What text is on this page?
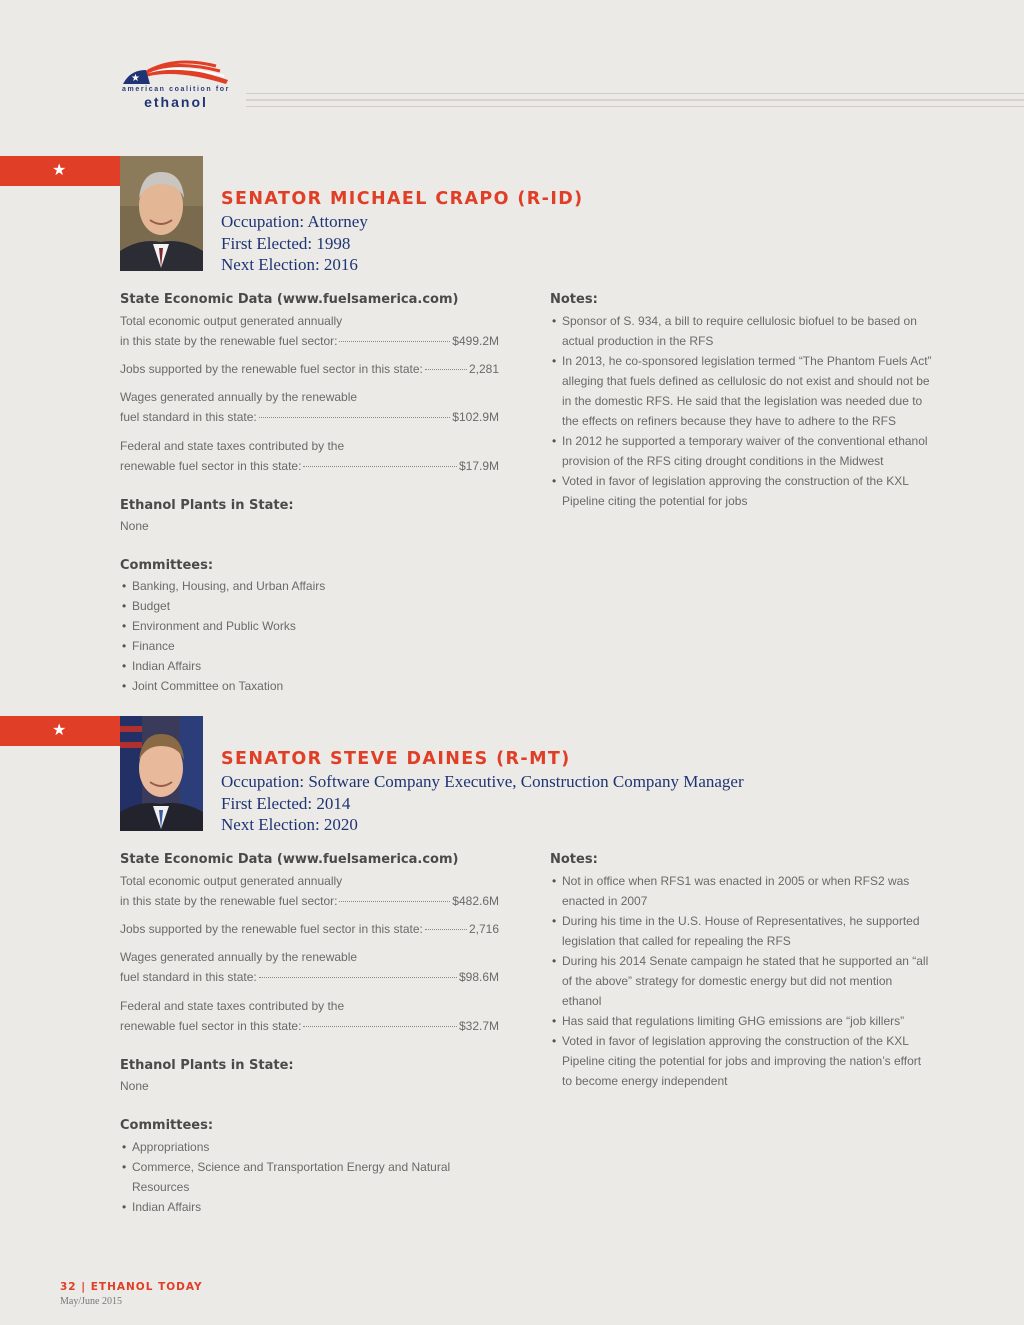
★
american coalition for
ethanol
★
SENATOR MICHAEL CRAPO (R-ID)
Occupation: Attorney
First Elected: 1998
Next Election: 2016
State Economic Data (www.fuelsamerica.com)
Total economic output generated annually
in this state by the renewable fuel sector:	$499.2M
Jobs supported by the renewable fuel sector in this state:	2,281
Wages generated annually by the renewable
fuel standard in this state:	$102.9M
Federal and state taxes contributed by the
renewable fuel sector in this state:	$17.9M
Ethanol Plants in State:
None
Committees:
• Banking, Housing, and Urban Affairs
• Budget
• Environment and Public Works
• Finance
• Indian Affairs
• Joint Committee on Taxation
Notes:
• Sponsor of S. 934, a bill to require cellulosic biofuel to be based on actual production in the RFS
• In 2013, he co-sponsored legislation termed “The Phantom Fuels Act” alleging that fuels defined as cellulosic do not exist and should not be in the domestic RFS. He said that the legislation was needed due to the effects on refiners because they have to adhere to the RFS
• In 2012 he supported a temporary waiver of the conventional ethanol provision of the RFS citing drought conditions in the Midwest
• Voted in favor of legislation approving the construction of the KXL Pipeline citing the potential for jobs
★
SENATOR STEVE DAINES (R-MT)
Occupation: Software Company Executive, Construction Company Manager
First Elected: 2014
Next Election: 2020
State Economic Data (www.fuelsamerica.com)
Total economic output generated annually
in this state by the renewable fuel sector:	$482.6M
Jobs supported by the renewable fuel sector in this state:	2,716
Wages generated annually by the renewable
fuel standard in this state:	$98.6M
Federal and state taxes contributed by the
renewable fuel sector in this state:	$32.7M
Ethanol Plants in State:
None
Committees:
• Appropriations
• Commerce, Science and Transportation Energy and Natural Resources
• Indian Affairs
Notes:
• Not in office when RFS1 was enacted in 2005 or when RFS2 was enacted in 2007
• During his time in the U.S. House of Representatives, he supported legislation that called for repealing the RFS
• During his 2014 Senate campaign he stated that he supported an “all of the above” strategy for domestic energy but did not mention ethanol
• Has said that regulations limiting GHG emissions are “job killers”
• Voted in favor of legislation approving the construction of the KXL Pipeline citing the potential for jobs and improving the nation’s effort to become energy independent
32 | ETHANOL TODAY
May/June 2015
